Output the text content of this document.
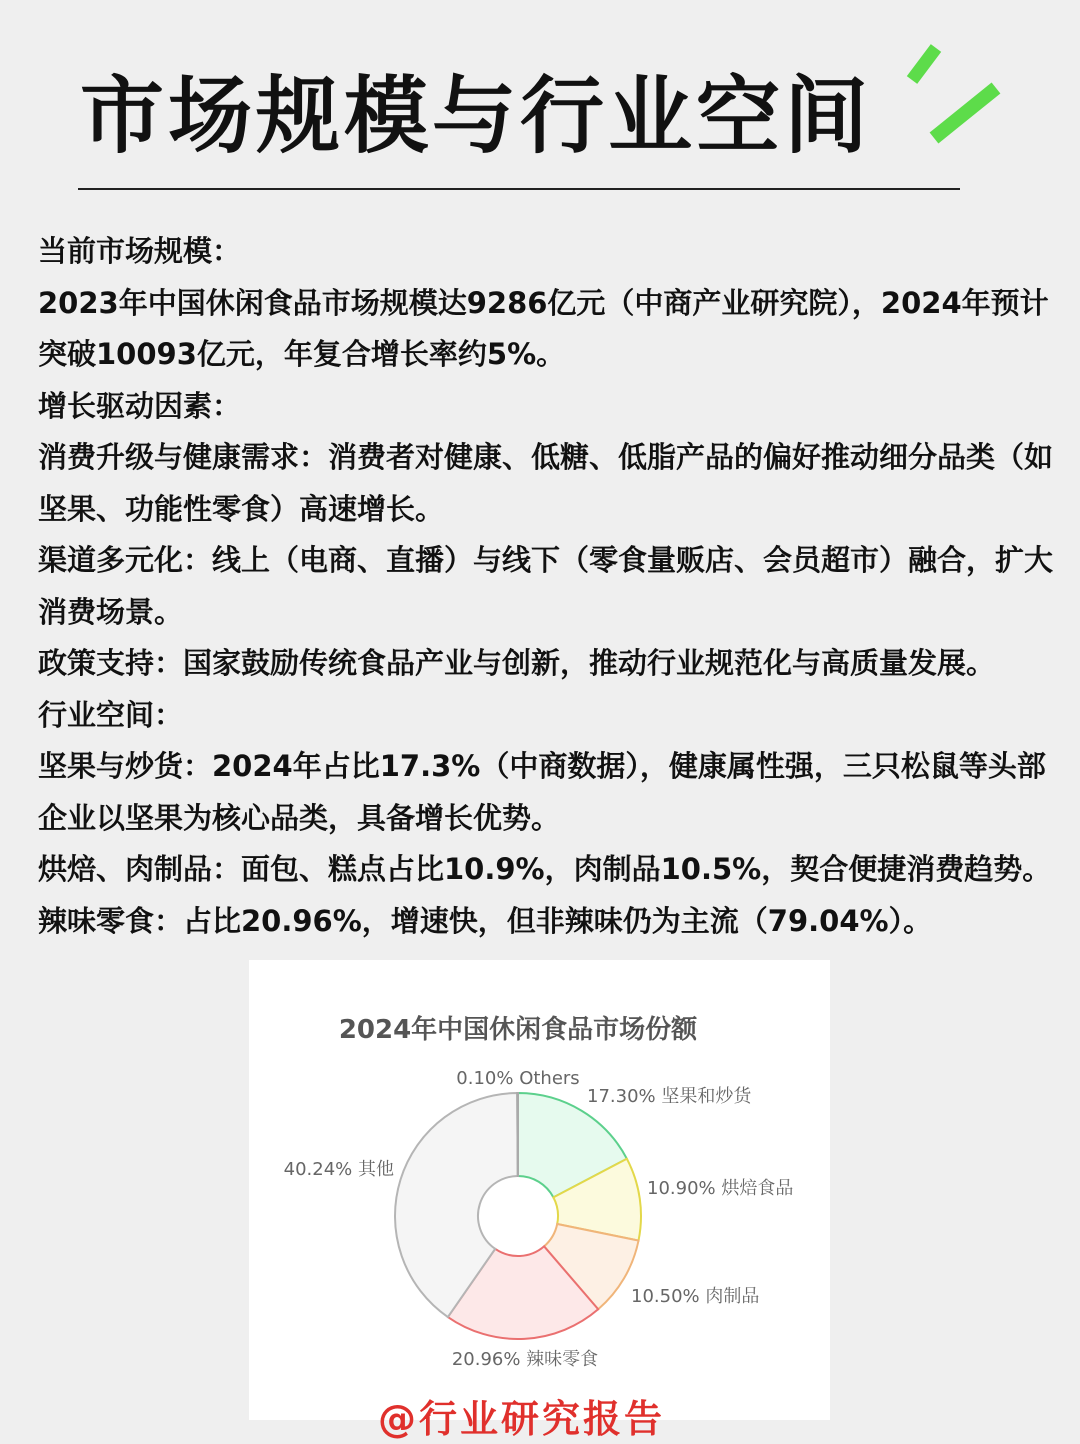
市场规模与行业空间

当前市场规模：

2023年中国休闲食品市场规模达9286亿元（中商产业研究院），2024年预计突破10093亿元，年复合增长率约5%。

增长驱动因素：

消费升级与健康需求：消费者对健康、低糖、低脂产品的偏好推动细分品类（如坚果、功能性零食）高速增长。

渠道多元化：线上（电商、直播）与线下（零食量贩店、会员超市）融合，扩大消费场景。

政策支持：国家鼓励传统食品产业与创新，推动行业规范化与高质量发展。

行业空间：

坚果与炒货：2024年占比17.3%（中商数据），健康属性强，三只松鼠等头部企业以坚果为核心品类，具备增长优势。

烘焙、肉制品：面包、糕点占比10.9%，肉制品10.5%，契合便捷消费趋势。辣味零食：占比20.96%，增速快，但非辣味仍为主流（79.04%）。

2024年中国休闲食品市场份额
17.30% 坚果和炒货
10.90% 烘焙食品
10.50% 肉制品
20.96% 辣味零食
40.24% 其他
0.10% Others
@行业研究报告
